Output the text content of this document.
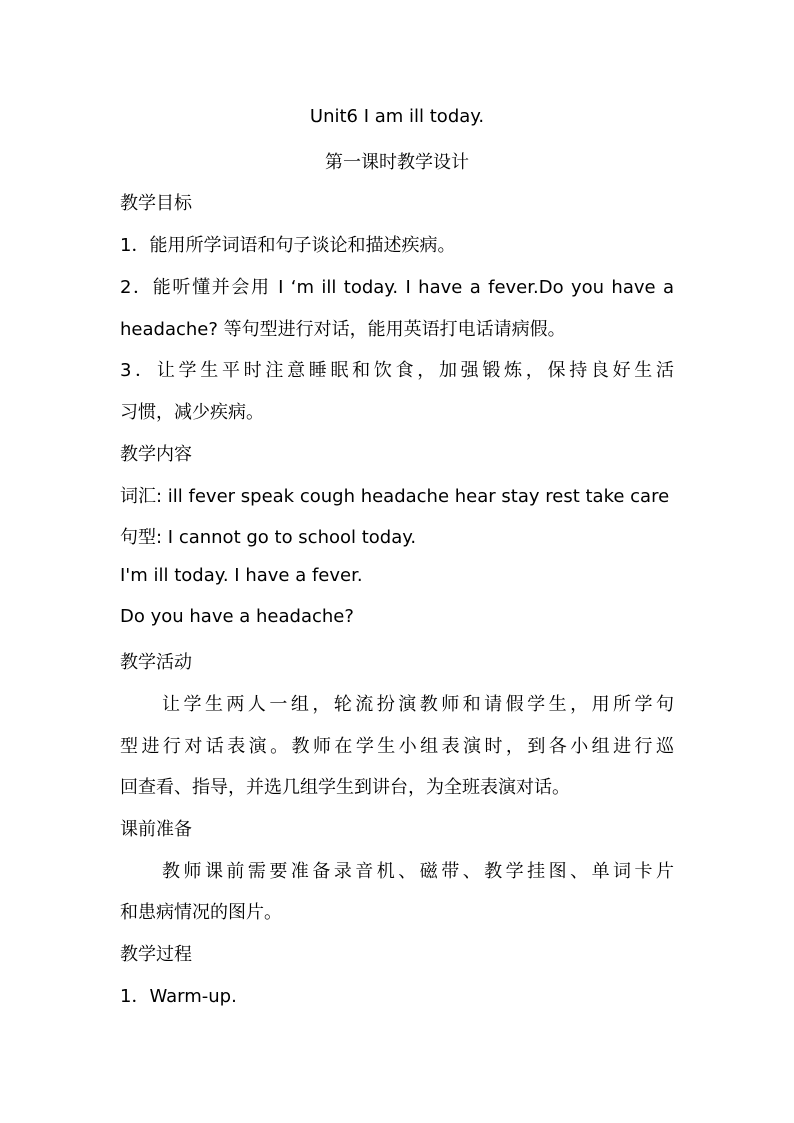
Unit6 I am ill today.
第一课时教学设计
教学目标
1．能用所学词语和句子谈论和描述疾病。
2．能听懂并会用 I ‘m ill today. I have a fever.Do you have a
headache? 等句型进行对话，能用英语打电话请病假。
3．让学生平时注意睡眠和饮食，加强锻炼，保持良好生活
习惯，减少疾病。
教学内容
词汇: ill fever speak cough headache hear stay rest take care
句型: I cannot go to school today.
I'm ill today. I have a fever.
Do you have a headache?
教学活动
让学生两人一组，轮流扮演教师和请假学生，用所学句
型进行对话表演。教师在学生小组表演时，到各小组进行巡
回查看、指导，并选几组学生到讲台，为全班表演对话。
课前准备
教师课前需要准备录音机、磁带、教学挂图、单词卡片
和患病情况的图片。
教学过程
1．Warm-up.
